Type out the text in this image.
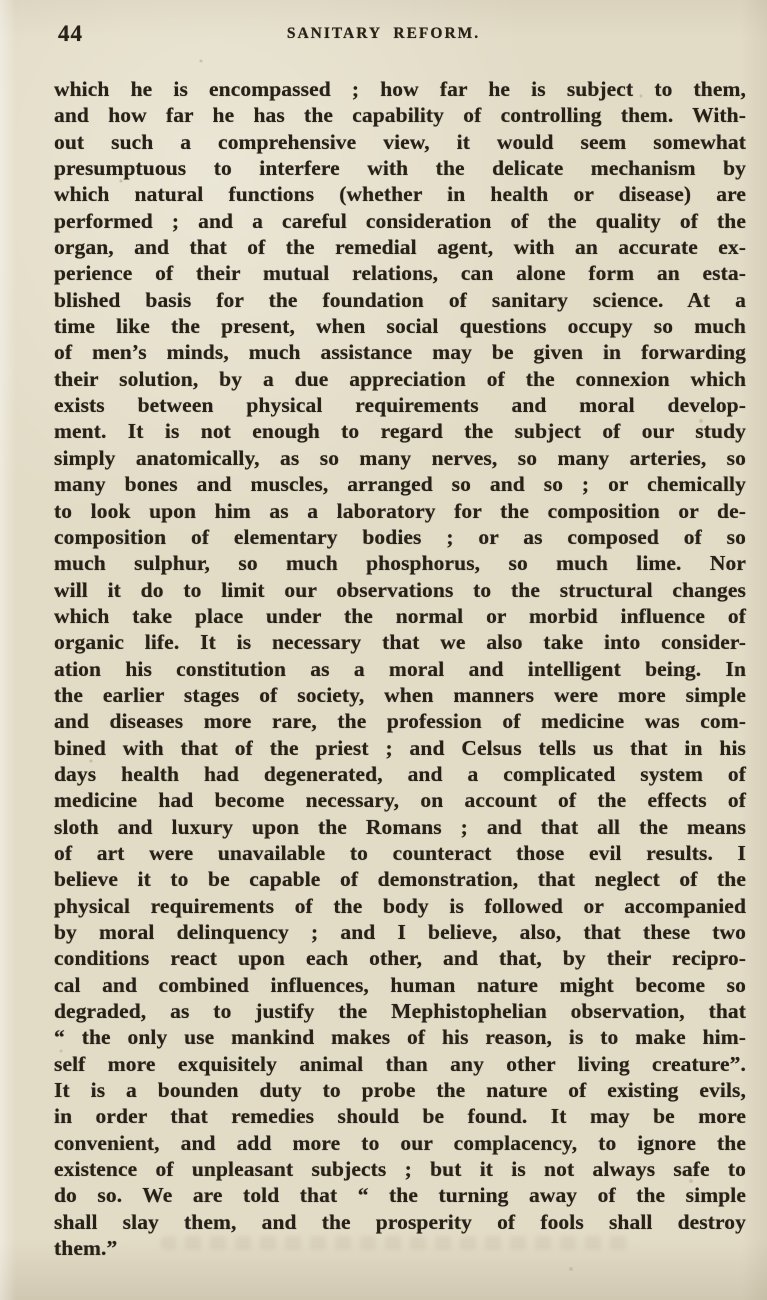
44	SANITARY REFORM.
which he is encompassed ; how far he is subject to them,
and how far he has the capability of controlling them. With-
out such a comprehensive view, it would seem somewhat
presumptuous to interfere with the delicate mechanism by
which natural functions (whether in health or disease) are
performed ; and a careful consideration of the quality of the
organ, and that of the remedial agent, with an accurate ex-
perience of their mutual relations, can alone form an esta-
blished basis for the foundation of sanitary science. At a
time like the present, when social questions occupy so much
of men’s minds, much assistance may be given in forwarding
their solution, by a due appreciation of the connexion which
exists between physical requirements and moral develop-
ment. It is not enough to regard the subject of our study
simply anatomically, as so many nerves, so many arteries, so
many bones and muscles, arranged so and so ; or chemically
to look upon him as a laboratory for the composition or de-
composition of elementary bodies ; or as composed of so
much sulphur, so much phosphorus, so much lime. Nor
will it do to limit our observations to the structural changes
which take place under the normal or morbid influence of
organic life. It is necessary that we also take into consider-
ation his constitution as a moral and intelligent being. In
the earlier stages of society, when manners were more simple
and diseases more rare, the profession of medicine was com-
bined with that of the priest ; and Celsus tells us that in his
days health had degenerated, and a complicated system of
medicine had become necessary, on account of the effects of
sloth and luxury upon the Romans ; and that all the means
of art were unavailable to counteract those evil results. I
believe it to be capable of demonstration, that neglect of the
physical requirements of the body is followed or accompanied
by moral delinquency ; and I believe, also, that these two
conditions react upon each other, and that, by their recipro-
cal and combined influences, human nature might become so
degraded, as to justify the Mephistophelian observation, that
“ the only use mankind makes of his reason, is to make him-
self more exquisitely animal than any other living creature”.
It is a bounden duty to probe the nature of existing evils,
in order that remedies should be found. It may be more
convenient, and add more to our complacency, to ignore the
existence of unpleasant subjects ; but it is not always safe to
do so. We are told that “ the turning away of the simple
shall slay them, and the prosperity of fools shall destroy
them.”
